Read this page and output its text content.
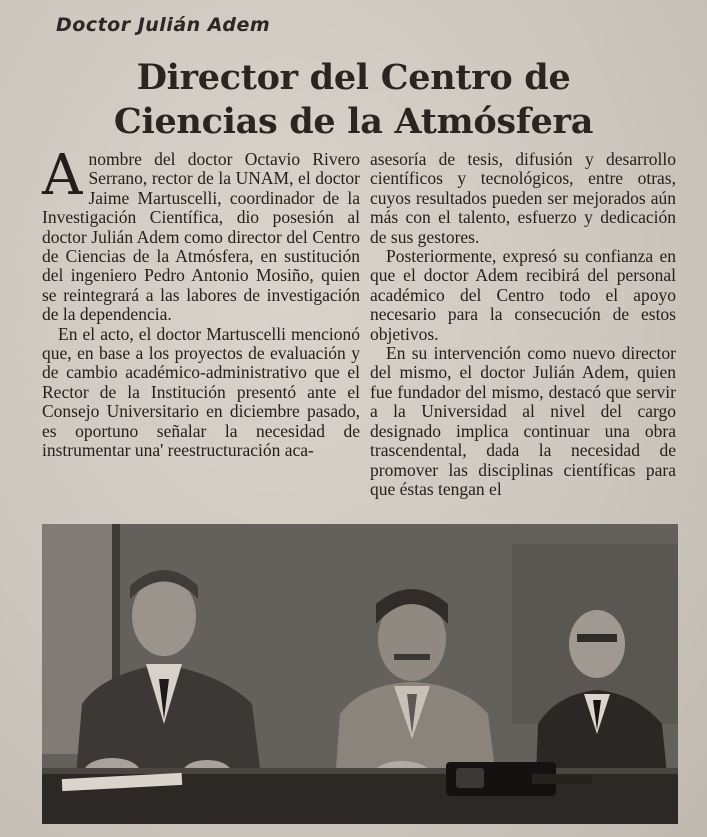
Doctor Julián Adem
Director del Centro de
Ciencias de la Atmósfera

Anombre del doctor Octavio Rivero Serrano, rector de la UNAM, el doctor Jaime Martuscelli, coordinador de la Investigación Científica, dio posesión al doctor Julián Adem como director del Centro de Ciencias de la Atmósfera, en sustitución del ingeniero Pedro Antonio Mosiño, quien se reintegrará a las labores de investigación de la dependencia.

En el acto, el doctor Martuscelli mencionó que, en base a los proyectos de evaluación y de cambio académico-administrativo que el Rector de la Institución presentó ante el Consejo Universitario en diciembre pasado, es oportuno señalar la necesidad de instrumentar una' reestructuración aca-

asesoría de tesis, difusión y desarrollo científicos y tecnológicos, entre otras, cuyos resultados pueden ser mejorados aún más con el talento, esfuerzo y dedicación de sus gestores.

Posteriormente, expresó su confianza en que el doctor Adem recibirá del personal académico del Centro todo el apoyo necesario para la consecución de estos objetivos.

En su intervención como nuevo director del mismo, el doctor Julián Adem, quien fue fundador del mismo, destacó que servir a la Universidad al nivel del cargo designado implica continuar una obra trascendental, dada la necesidad de promover las disciplinas científicas para que éstas tengan el
